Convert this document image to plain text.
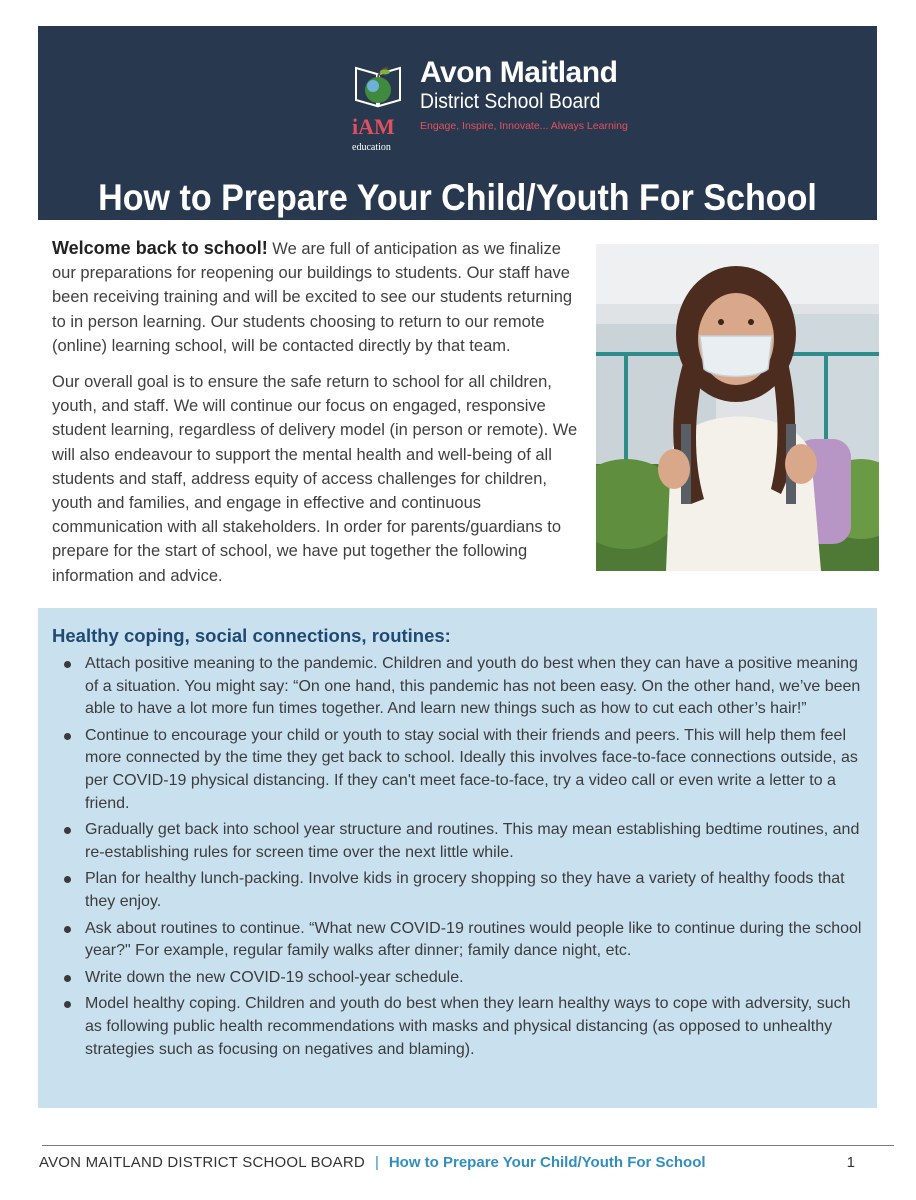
iAM
education
Avon Maitland
District School Board
Engage, Inspire, Innovate... Always Learning
How to Prepare Your Child/Youth For School

Welcome back to school! We are full of anticipation as we finalize our preparations for reopening our buildings to students. Our staff have been receiving training and will be excited to see our students returning to in person learning. Our students choosing to return to our remote (online) learning school, will be contacted directly by that team.

Our overall goal is to ensure the safe return to school for all children, youth, and staff. We will continue our focus on engaged, responsive student learning, regardless of delivery model (in person or remote). We will also endeavour to support the mental health and well-being of all students and staff, address equity of access challenges for children, youth and families, and engage in effective and continuous communication with all stakeholders. In order for parents/guardians to prepare for the start of school, we have put together the following information and advice.

Healthy coping, social connections, routines:
Attach positive meaning to the pandemic. Children and youth do best when they can have a positive meaning of a situation. You might say: “On one hand, this pandemic has not been easy. On the other hand, we’ve been able to have a lot more fun times together. And learn new things such as how to cut each other’s hair!”
Continue to encourage your child or youth to stay social with their friends and peers. This will help them feel more connected by the time they get back to school. Ideally this involves face-to-face connections outside, as per COVID-19 physical distancing. If they can't meet face-to-face, try a video call or even write a letter to a friend.
Gradually get back into school year structure and routines. This may mean establishing bedtime routines, and re-establishing rules for screen time over the next little while.
Plan for healthy lunch-packing. Involve kids in grocery shopping so they have a variety of healthy foods that they enjoy.
Ask about routines to continue. “What new COVID-19 routines would people like to continue during the school year?" For example, regular family walks after dinner; family dance night, etc.
Write down the new COVID-19 school-year schedule.
Model healthy coping. Children and youth do best when they learn healthy ways to cope with adversity, such as following public health recommendations with masks and physical distancing (as opposed to unhealthy strategies such as focusing on negatives and blaming).
AVON MAITLAND DISTRICT SCHOOL BOARD | How to Prepare Your Child/Youth For School	1
